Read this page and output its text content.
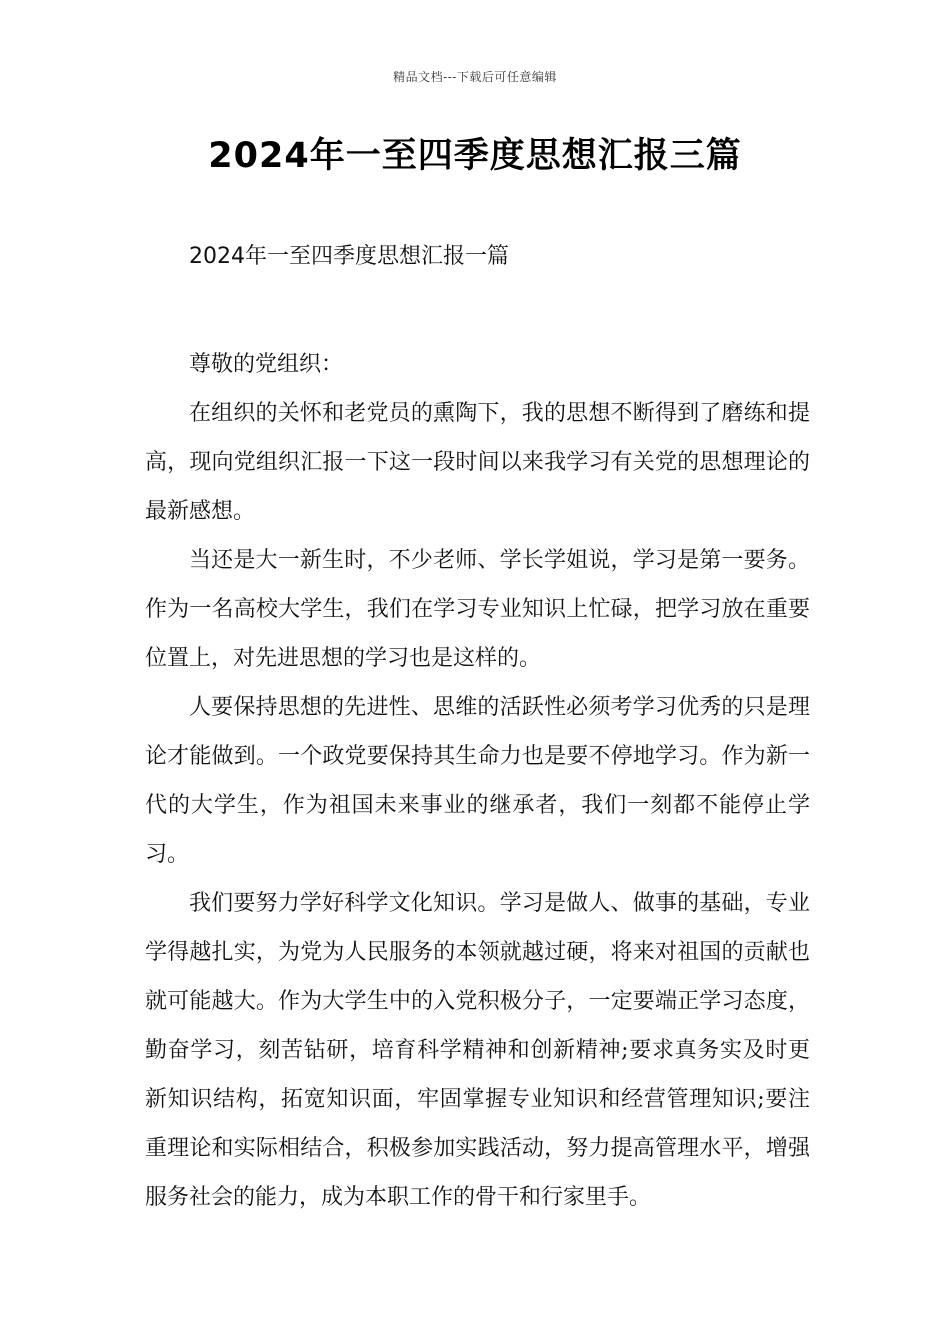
精品文档---下载后可任意编辑
2024年一至四季度思想汇报三篇

2024年一至四季度思想汇报一篇

尊敬的党组织：

在组织的关怀和老党员的熏陶下，我的思想不断得到了磨练和提高，现向党组织汇报一下这一段时间以来我学习有关党的思想理论的最新感想。

当还是大一新生时，不少老师、学长学姐说，学习是第一要务。作为一名高校大学生，我们在学习专业知识上忙碌，把学习放在重要位置上，对先进思想的学习也是这样的。

人要保持思想的先进性、思维的活跃性必须考学习优秀的只是理论才能做到。一个政党要保持其生命力也是要不停地学习。作为新一代的大学生，作为祖国未来事业的继承者，我们一刻都不能停止学习。

我们要努力学好科学文化知识。学习是做人、做事的基础，专业学得越扎实，为党为人民服务的本领就越过硬，将来对祖国的贡献也就可能越大。作为大学生中的入党积极分子，一定要端正学习态度，勤奋学习，刻苦钻研，培育科学精神和创新精神;要求真务实及时更新知识结构，拓宽知识面，牢固掌握专业知识和经营管理知识;要注重理论和实际相结合，积极参加实践活动，努力提高管理水平，增强服务社会的能力，成为本职工作的骨干和行家里手。
